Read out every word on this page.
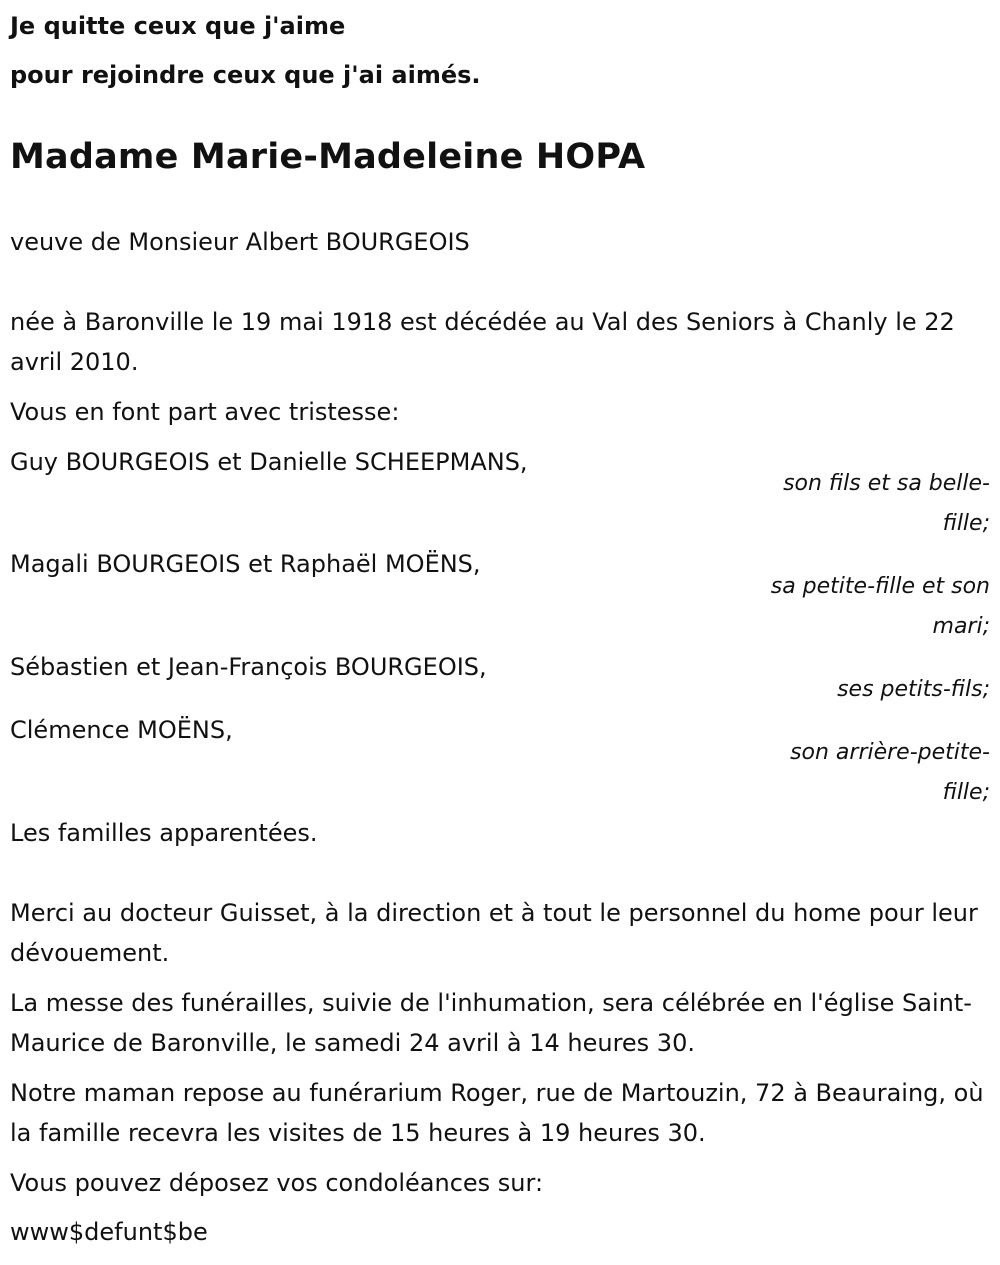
Je quitte ceux que j'aime

pour rejoindre ceux que j'ai aimés.

Madame Marie-Madeleine HOPA

veuve de Monsieur Albert BOURGEOIS

née à Baronville le 19 mai 1918 est décédée au Val des Seniors à Chanly le 22 avril 2010.

Vous en font part avec tristesse:

Guy BOURGEOIS et Danielle SCHEEPMANS,

son fils et sa belle-fille;

Magali BOURGEOIS et Raphaël MOËNS,

sa petite-fille et son mari;

Sébastien et Jean-François BOURGEOIS,

ses petits-fils;

Clémence MOËNS,

son arrière-petite-fille;

Les familles apparentées.

Merci au docteur Guisset, à la direction et à tout le personnel du home pour leur dévouement.

La messe des funérailles, suivie de l'inhumation, sera célébrée en l'église Saint-Maurice de Baronville, le samedi 24 avril à 14 heures 30.

Notre maman repose au funérarium Roger, rue de Martouzin, 72 à Beauraing, où la famille recevra les visites de 15 heures à 19 heures 30.

Vous pouvez déposez vos condoléances sur:

www$defunt$be
